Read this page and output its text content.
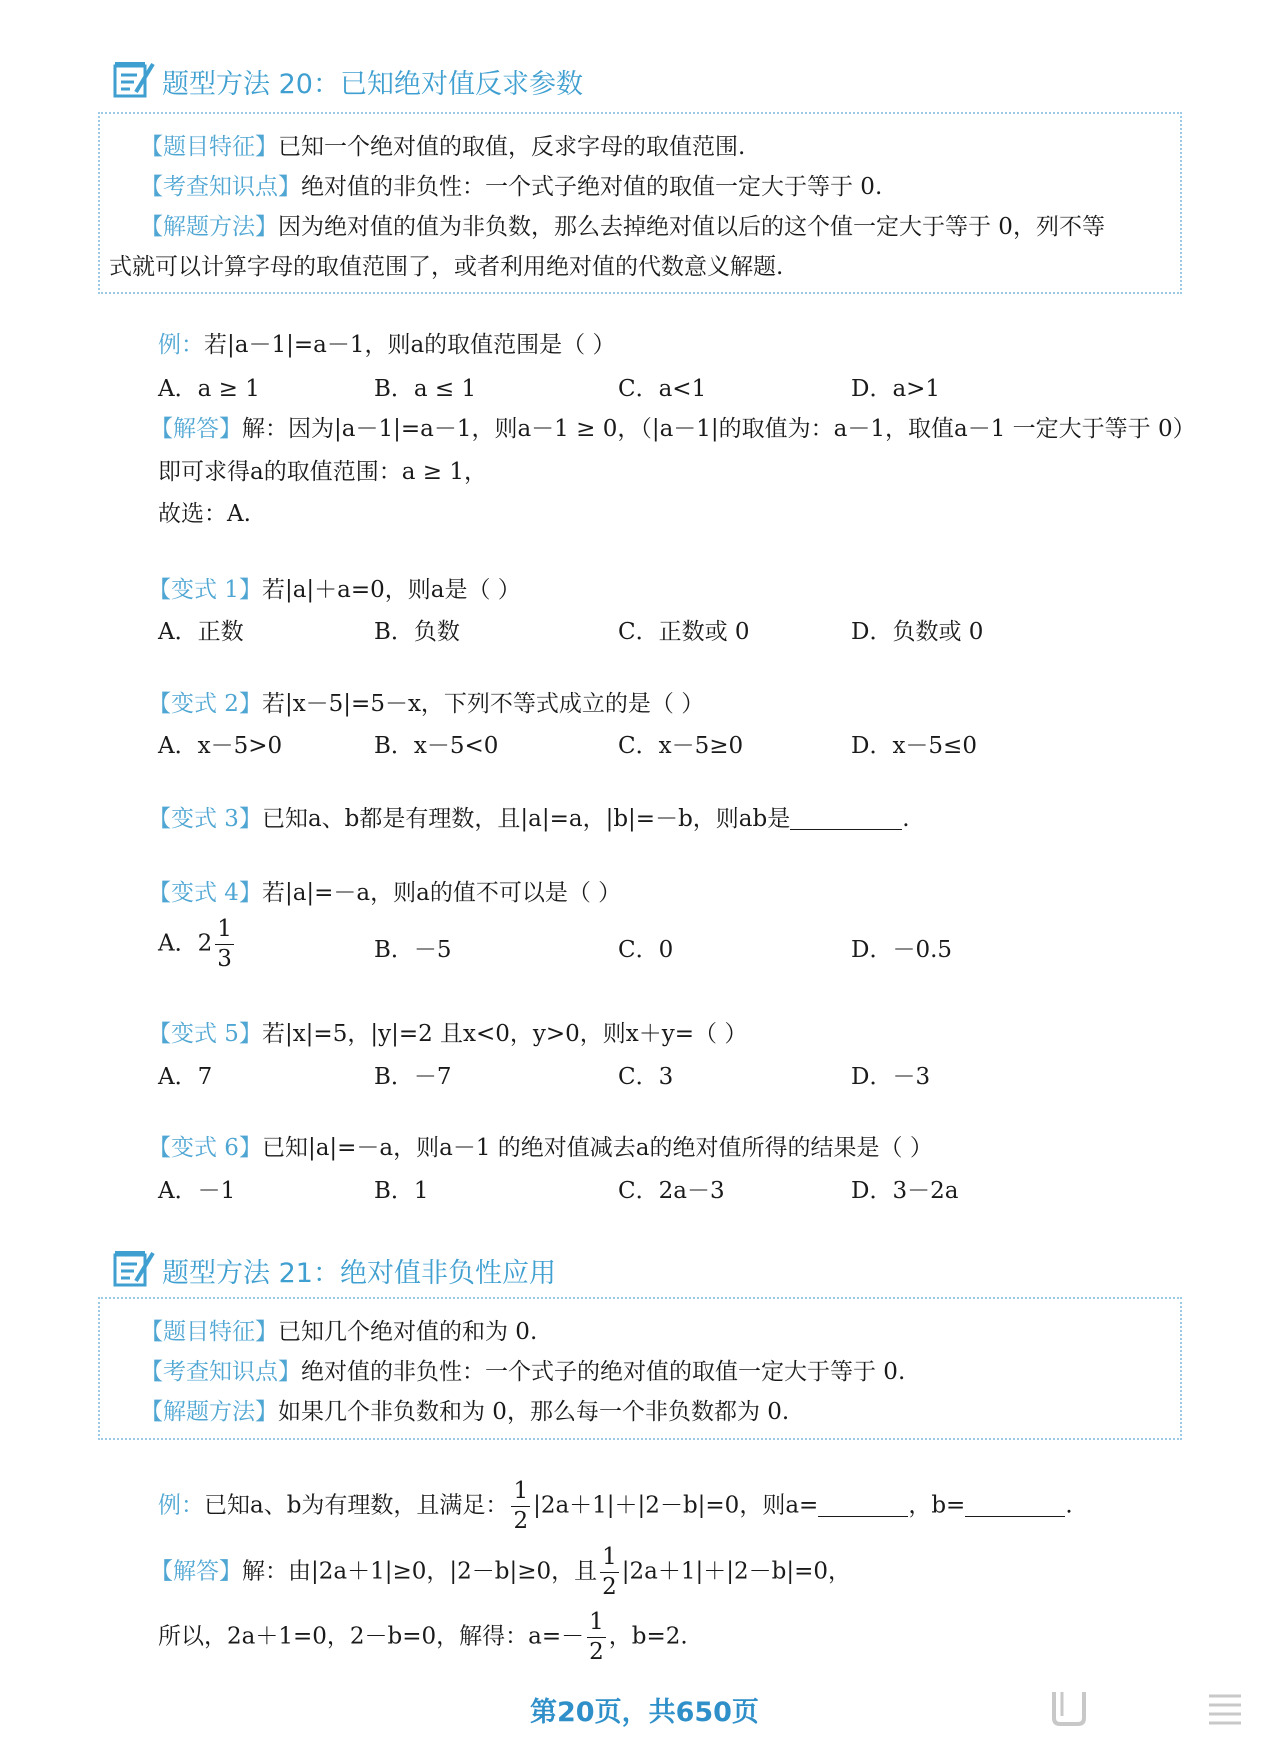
题型方法 20：已知绝对值反求参数
【题目特征】已知一个绝对值的取值，反求字母的取值范围.
【考查知识点】绝对值的非负性：一个式子绝对值的取值一定大于等于 0.
【解题方法】因为绝对值的值为非负数，那么去掉绝对值以后的这个值一定大于等于 0，列不等
式就可以计算字母的取值范围了，或者利用绝对值的代数意义解题.
例：若|a－1|=a－1，则a的取值范围是（ ）
A．a ≥ 1	B．a ≤ 1	C．a<1	D．a>1
【解答】解：因为|a－1|=a－1，则a－1 ≥ 0，（|a－1|的取值为：a－1，取值a－1 一定大于等于 0）
即可求得a的取值范围：a ≥ 1，
故选：A.
【变式 1】若|a|＋a=0，则a是（ ）
A．正数	B．负数	C．正数或 0	D．负数或 0
【变式 2】若|x－5|=5－x，下列不等式成立的是（ ）
A．x－5>0	B．x－5<0	C．x－5≥0	D．x－5≤0
【变式 3】已知a、b都是有理数，且|a|=a，|b|=－b，则ab是	.
【变式 4】若|a|=－a，则a的值不可以是（ ）
A．$2 \frac{1}{3}$	B．－5	C．0	D．－0.5
【变式 5】若|x|=5，|y|=2 且x<0，y>0，则x＋y=（ ）
A．7	B．－7	C．3	D．－3
【变式 6】已知|a|=－a，则a－1 的绝对值减去a的绝对值所得的结果是（ ）
A．－1	B．1	C．2a－3	D．3－2a
题型方法 21：绝对值非负性应用
【题目特征】已知几个绝对值的和为 0.
【考查知识点】绝对值的非负性：一个式子的绝对值的取值一定大于等于 0.
【解题方法】如果几个非负数和为 0，那么每一个非负数都为 0.
例：已知a、b为有理数，且满足： $\frac{1}{2} |2a+1|+|2-b|=0$，则a=	，b=	.
【解答】解：由|2a＋1|≥0，|2－b|≥0，且 $\frac{1}{2} |2a+1|+|2-b|=0$，
所以，2a＋1=0，2－b=0，解得：$a=- \frac{1}{2}$ ，b=2.
第20页，共650页
